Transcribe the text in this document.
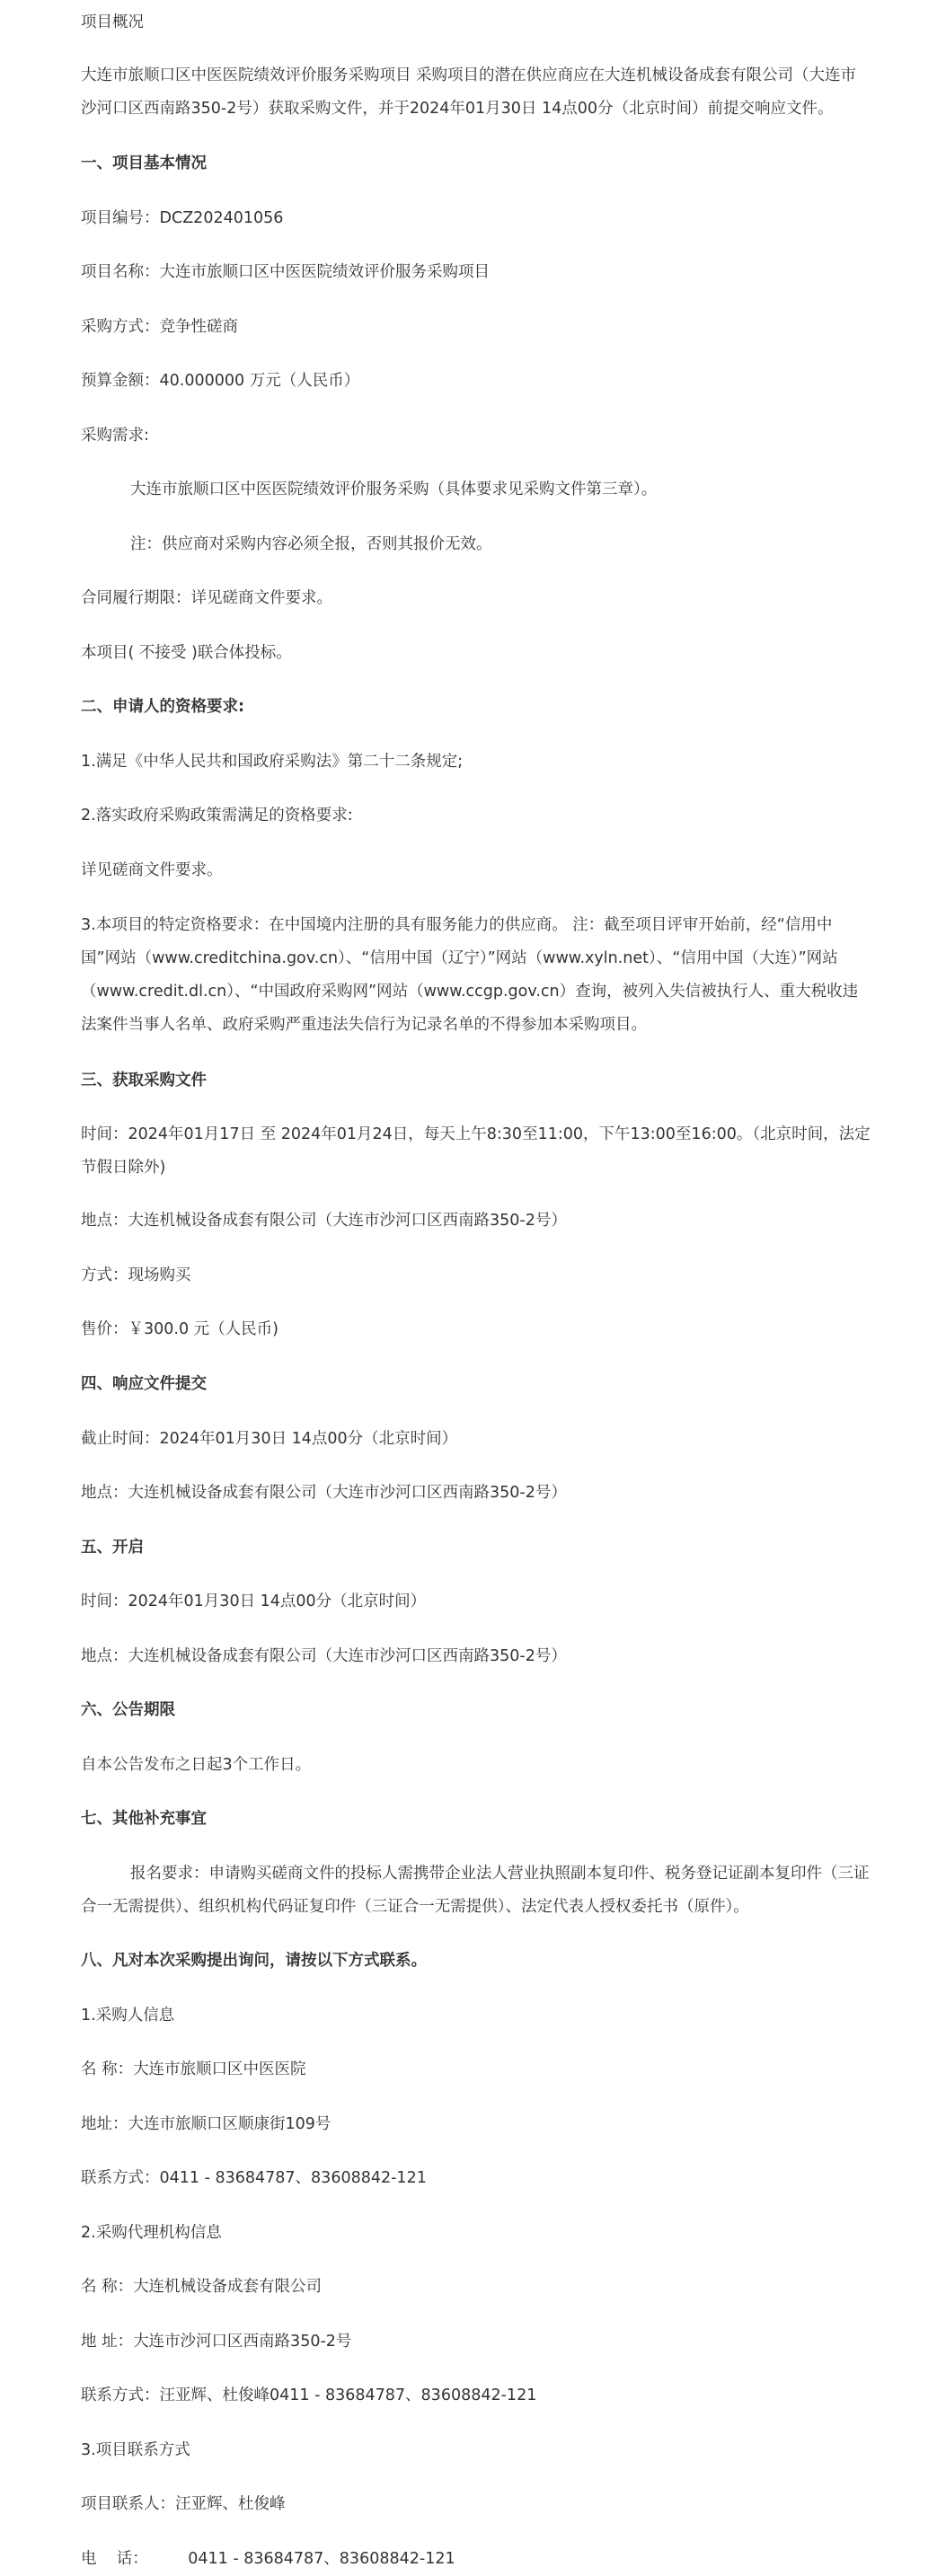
项目概况

大连市旅顺口区中医医院绩效评价服务采购项目 采购项目的潜在供应商应在大连机械设备成套有限公司（大连市沙河口区西南路350-2号）获取采购文件，并于2024年01月30日 14点00分（北京时间）前提交响应文件。

一、项目基本情况

项目编号：DCZ202401056

项目名称：大连市旅顺口区中医医院绩效评价服务采购项目

采购方式：竞争性磋商

预算金额：40.000000 万元（人民币）

采购需求:

大连市旅顺口区中医医院绩效评价服务采购（具体要求见采购文件第三章）。

注：供应商对采购内容必须全报，否则其报价无效。

合同履行期限：详见磋商文件要求。

本项目( 不接受 )联合体投标。

二、申请人的资格要求:

1.满足《中华人民共和国政府采购法》第二十二条规定;

2.落实政府采购政策需满足的资格要求:

详见磋商文件要求。

3.本项目的特定资格要求：在中国境内注册的具有服务能力的供应商。 注：截至项目评审开始前，经“信用中国”网站（www.creditchina.gov.cn）、“信用中国（辽宁）”网站（www.xyln.net）、“信用中国（大连）”网站（www.credit.dl.cn）、“中国政府采购网”网站（www.ccgp.gov.cn）查询，被列入失信被执行人、重大税收违法案件当事人名单、政府采购严重违法失信行为记录名单的不得参加本采购项目。

三、获取采购文件

时间：2024年01月17日 至 2024年01月24日，每天上午8:30至11:00，下午13:00至16:00。（北京时间，法定节假日除外)

地点：大连机械设备成套有限公司（大连市沙河口区西南路350-2号）

方式：现场购买

售价：￥300.0 元（人民币)

四、响应文件提交

截止时间：2024年01月30日 14点00分（北京时间）

地点：大连机械设备成套有限公司（大连市沙河口区西南路350-2号）

五、开启

时间：2024年01月30日 14点00分（北京时间）

地点：大连机械设备成套有限公司（大连市沙河口区西南路350-2号）

六、公告期限

自本公告发布之日起3个工作日。

七、其他补充事宜

报名要求：申请购买磋商文件的投标人需携带企业法人营业执照副本复印件、税务登记证副本复印件（三证合一无需提供）、组织机构代码证复印件（三证合一无需提供）、法定代表人授权委托书（原件）。

八、凡对本次采购提出询问，请按以下方式联系。

1.采购人信息

名 称：大连市旅顺口区中医医院

地址：大连市旅顺口区顺康街109号

联系方式：0411 - 83684787、83608842-121

2.采购代理机构信息

名 称：大连机械设备成套有限公司

地 址：大连市沙河口区西南路350-2号

联系方式：汪亚辉、杜俊峰0411 - 83684787、83608842-121

3.项目联系方式

项目联系人：汪亚辉、杜俊峰

电    话：        0411 - 83684787、83608842-121
